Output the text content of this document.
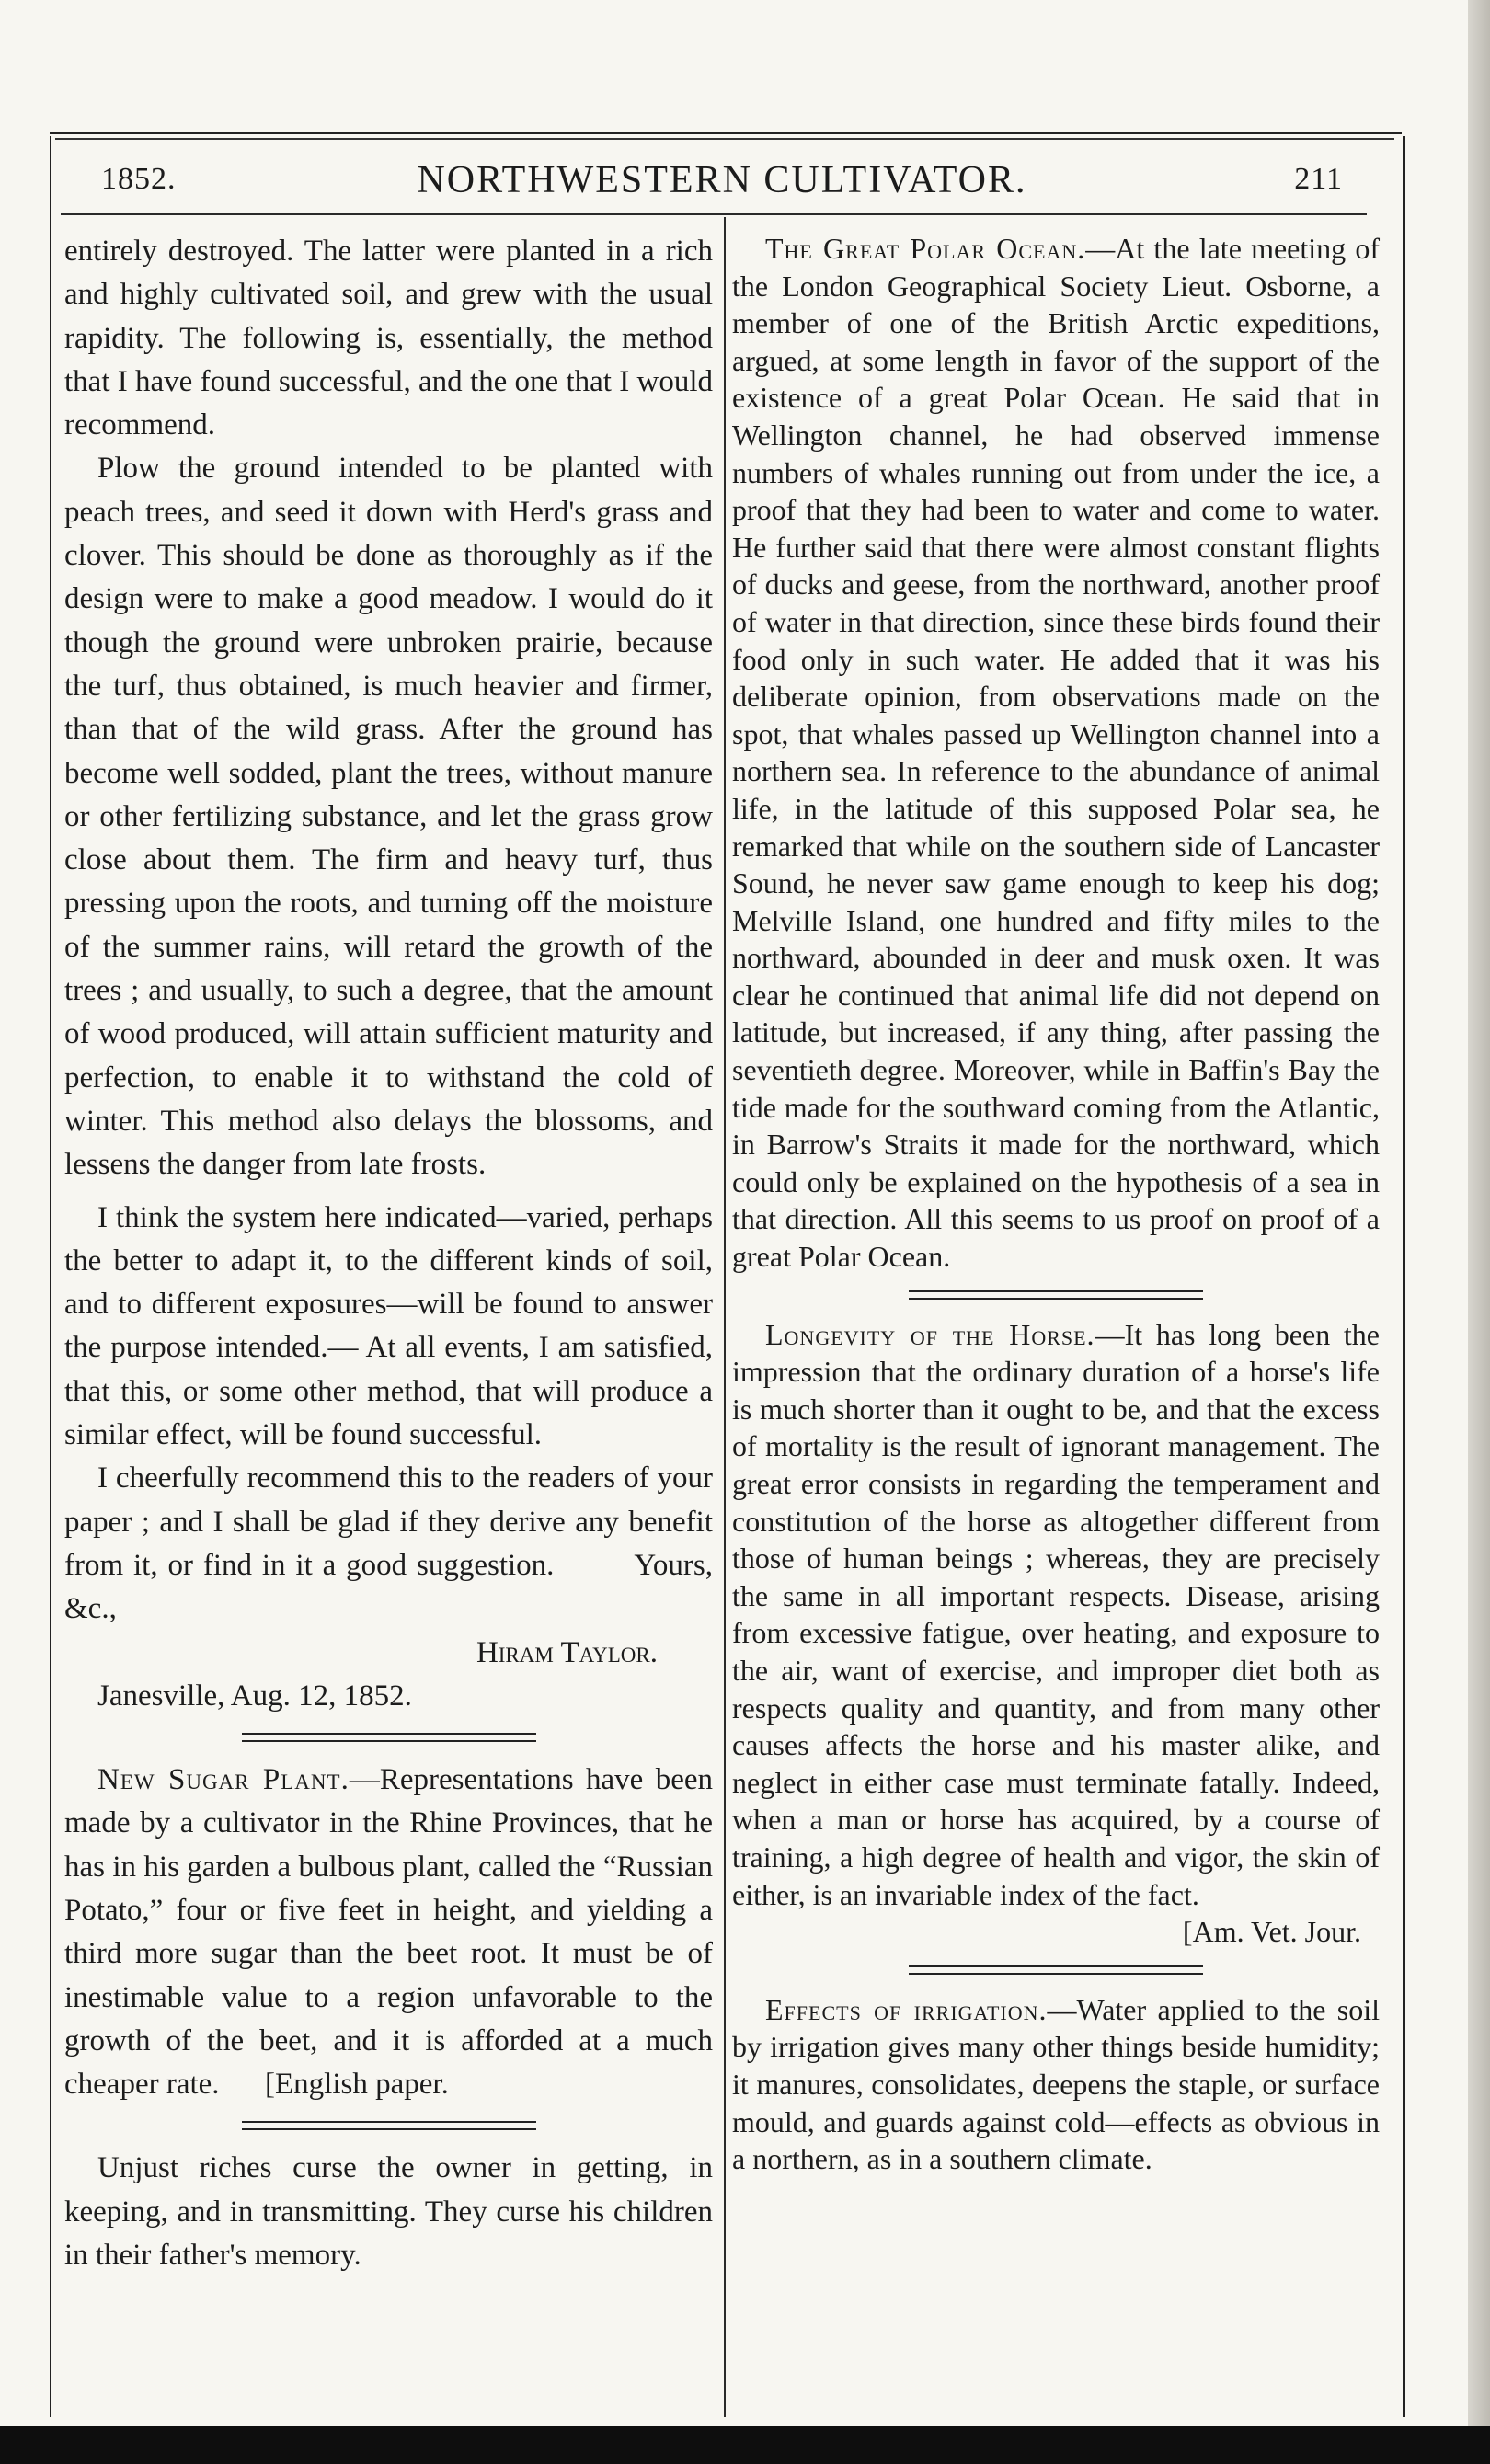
1852.	NORTHWESTERN CULTIVATOR.	211

entirely destroyed. The latter were planted in a rich and highly cultivated soil, and grew with the usual rapidity. The following is, essentially, the method that I have found successful, and the one that I would recommend.

Plow the ground intended to be planted with peach trees, and seed it down with Herd's grass and clover. This should be done as thoroughly as if the design were to make a good meadow. I would do it though the ground were unbroken prairie, because the turf, thus obtained, is much heavier and firmer, than that of the wild grass. After the ground has become well sodded, plant the trees, without manure or other fertilizing substance, and let the grass grow close about them. The firm and heavy turf, thus pressing upon the roots, and turning off the moisture of the summer rains, will retard the growth of the trees ; and usually, to such a degree, that the amount of wood produced, will attain sufficient maturity and perfection, to enable it to withstand the cold of winter. This method also delays the blossoms, and lessens the danger from late frosts.

I think the system here indicated—varied, perhaps the better to adapt it, to the different kinds of soil, and to different exposures—will be found to answer the purpose intended.— At all events, I am satisfied, that this, or some other method, that will produce a similar effect, will be found successful.

I cheerfully recommend this to the readers of your paper ; and I shall be glad if they derive any benefit from it, or find in it a good suggestion.	Yours, &c.,

Hiram Taylor.

Janesville, Aug. 12, 1852.

New Sugar Plant.—Representations have been made by a cultivator in the Rhine Provinces, that he has in his garden a bulbous plant, called the “Russian Potato,” four or five feet in height, and yielding a third more sugar than the beet root. It must be of inestimable value to a region unfavorable to the growth of the beet, and it is afforded at a much cheaper rate. [English paper.

Unjust riches curse the owner in getting, in keeping, and in transmitting. They curse his children in their father's memory.

The Great Polar Ocean.—At the late meeting of the London Geographical Society Lieut. Osborne, a member of one of the British Arctic expeditions, argued, at some length in favor of the support of the existence of a great Polar Ocean. He said that in Wellington channel, he had observed immense numbers of whales running out from under the ice, a proof that they had been to water and come to water. He further said that there were almost constant flights of ducks and geese, from the northward, another proof of water in that direction, since these birds found their food only in such water. He added that it was his deliberate opinion, from observations made on the spot, that whales passed up Wellington channel into a northern sea. In reference to the abundance of animal life, in the latitude of this supposed Polar sea, he remarked that while on the southern side of Lancaster Sound, he never saw game enough to keep his dog; Melville Island, one hundred and fifty miles to the northward, abounded in deer and musk oxen. It was clear he continued that animal life did not depend on latitude, but increased, if any thing, after passing the seventieth degree. Moreover, while in Baffin's Bay the tide made for the southward coming from the Atlantic, in Barrow's Straits it made for the northward, which could only be explained on the hypothesis of a sea in that direction. All this seems to us proof on proof of a great Polar Ocean.

Longevity of the Horse.—It has long been the impression that the ordinary duration of a horse's life is much shorter than it ought to be, and that the excess of mortality is the result of ignorant management. The great error consists in regarding the temperament and constitution of the horse as altogether different from those of human beings ; whereas, they are precisely the same in all important respects. Disease, arising from excessive fatigue, over heating, and exposure to the air, want of exercise, and improper diet both as respects quality and quantity, and from many other causes affects the horse and his master alike, and neglect in either case must terminate fatally. Indeed, when a man or horse has acquired, by a course of training, a high degree of health and vigor, the skin of either, is an invariable index of the fact.

[Am. Vet. Jour.

Effects of irrigation.—Water applied to the soil by irrigation gives many other things beside humidity; it manures, consolidates, deepens the staple, or surface mould, and guards against cold—effects as obvious in a northern, as in a southern climate.
